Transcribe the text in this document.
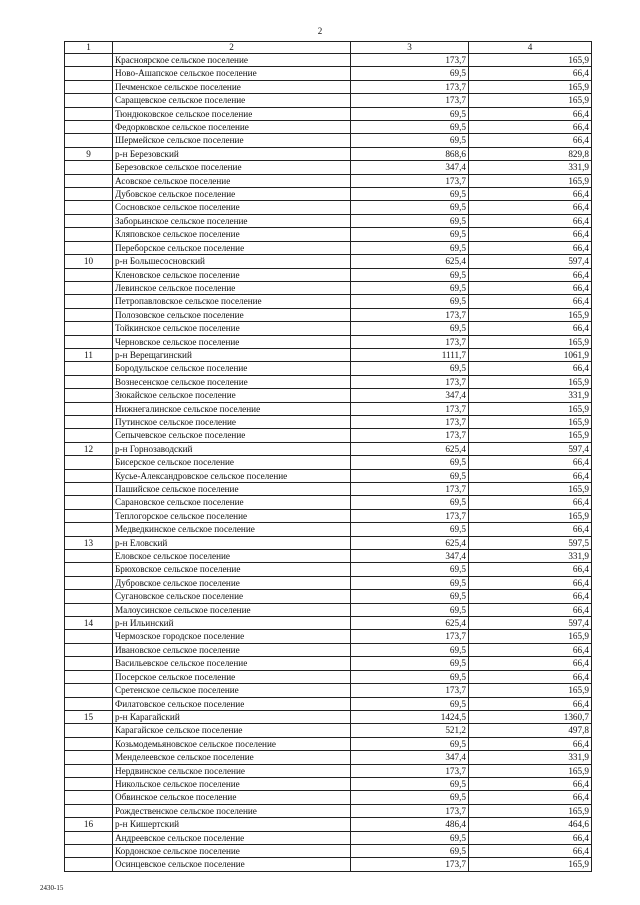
2
1	2	3	4
	Красноярское сельское поселение	173,7	165,9
	Ново-Ашапское сельское поселение	69,5	66,4
	Печменское сельское поселение	173,7	165,9
	Саращевское сельское поселение	173,7	165,9
	Тюндюковское сельское поселение	69,5	66,4
	Федорковское сельское поселение	69,5	66,4
	Шермейское сельское поселение	69,5	66,4
9	р-н Березовский	868,6	829,8
	Березовское сельское поселение	347,4	331,9
	Асовское сельское поселение	173,7	165,9
	Дубовское сельское поселение	69,5	66,4
	Сосновское сельское поселение	69,5	66,4
	Заборьинское сельское поселение	69,5	66,4
	Кляповское сельское поселение	69,5	66,4
	Переборское сельское поселение	69,5	66,4
10	р-н Большесосновский	625,4	597,4
	Кленовское сельское поселение	69,5	66,4
	Левинское сельское поселение	69,5	66,4
	Петропавловское сельское поселение	69,5	66,4
	Полозовское сельское поселение	173,7	165,9
	Тойкинское сельское поселение	69,5	66,4
	Черновское сельское поселение	173,7	165,9
11	р-н Верещагинский	1111,7	1061,9
	Бородульское сельское поселение	69,5	66,4
	Вознесенское сельское поселение	173,7	165,9
	Зюкайское сельское поселение	347,4	331,9
	Нижнегалинское сельское поселение	173,7	165,9
	Путинское сельское поселение	173,7	165,9
	Сепычевское сельское поселение	173,7	165,9
12	р-н Горнозаводский	625,4	597,4
	Бисерское сельское поселение	69,5	66,4
	Кусье-Александровское сельское поселение	69,5	66,4
	Пашийское сельское поселение	173,7	165,9
	Сарановское сельское поселение	69,5	66,4
	Теплогорское сельское поселение	173,7	165,9
	Медведкинское сельское поселение	69,5	66,4
13	р-н Еловский	625,4	597,5
	Еловское сельское поселение	347,4	331,9
	Брюховское сельское поселение	69,5	66,4
	Дубровское сельское поселение	69,5	66,4
	Сугановское сельское поселение	69,5	66,4
	Малоусинское сельское поселение	69,5	66,4
14	р-н Ильинский	625,4	597,4
	Чермозское городское поселение	173,7	165,9
	Ивановское сельское поселение	69,5	66,4
	Васильевское сельское поселение	69,5	66,4
	Посерское сельское поселение	69,5	66,4
	Сретенское сельское поселение	173,7	165,9
	Филатовское сельское поселение	69,5	66,4
15	р-н Карагайский	1424,5	1360,7
	Карагайское сельское поселение	521,2	497,8
	Козьмодемьяновское сельское поселение	69,5	66,4
	Менделеевское сельское поселение	347,4	331,9
	Нердвинское сельское поселение	173,7	165,9
	Никольское сельское поселение	69,5	66,4
	Обвинское сельское поселение	69,5	66,4
	Рождественское сельское поселение	173,7	165,9
16	р-н Кишертский	486,4	464,6
	Андреевское сельское поселение	69,5	66,4
	Кордонское сельское поселение	69,5	66,4
	Осинцевское сельское поселение	173,7	165,9
2430-15
